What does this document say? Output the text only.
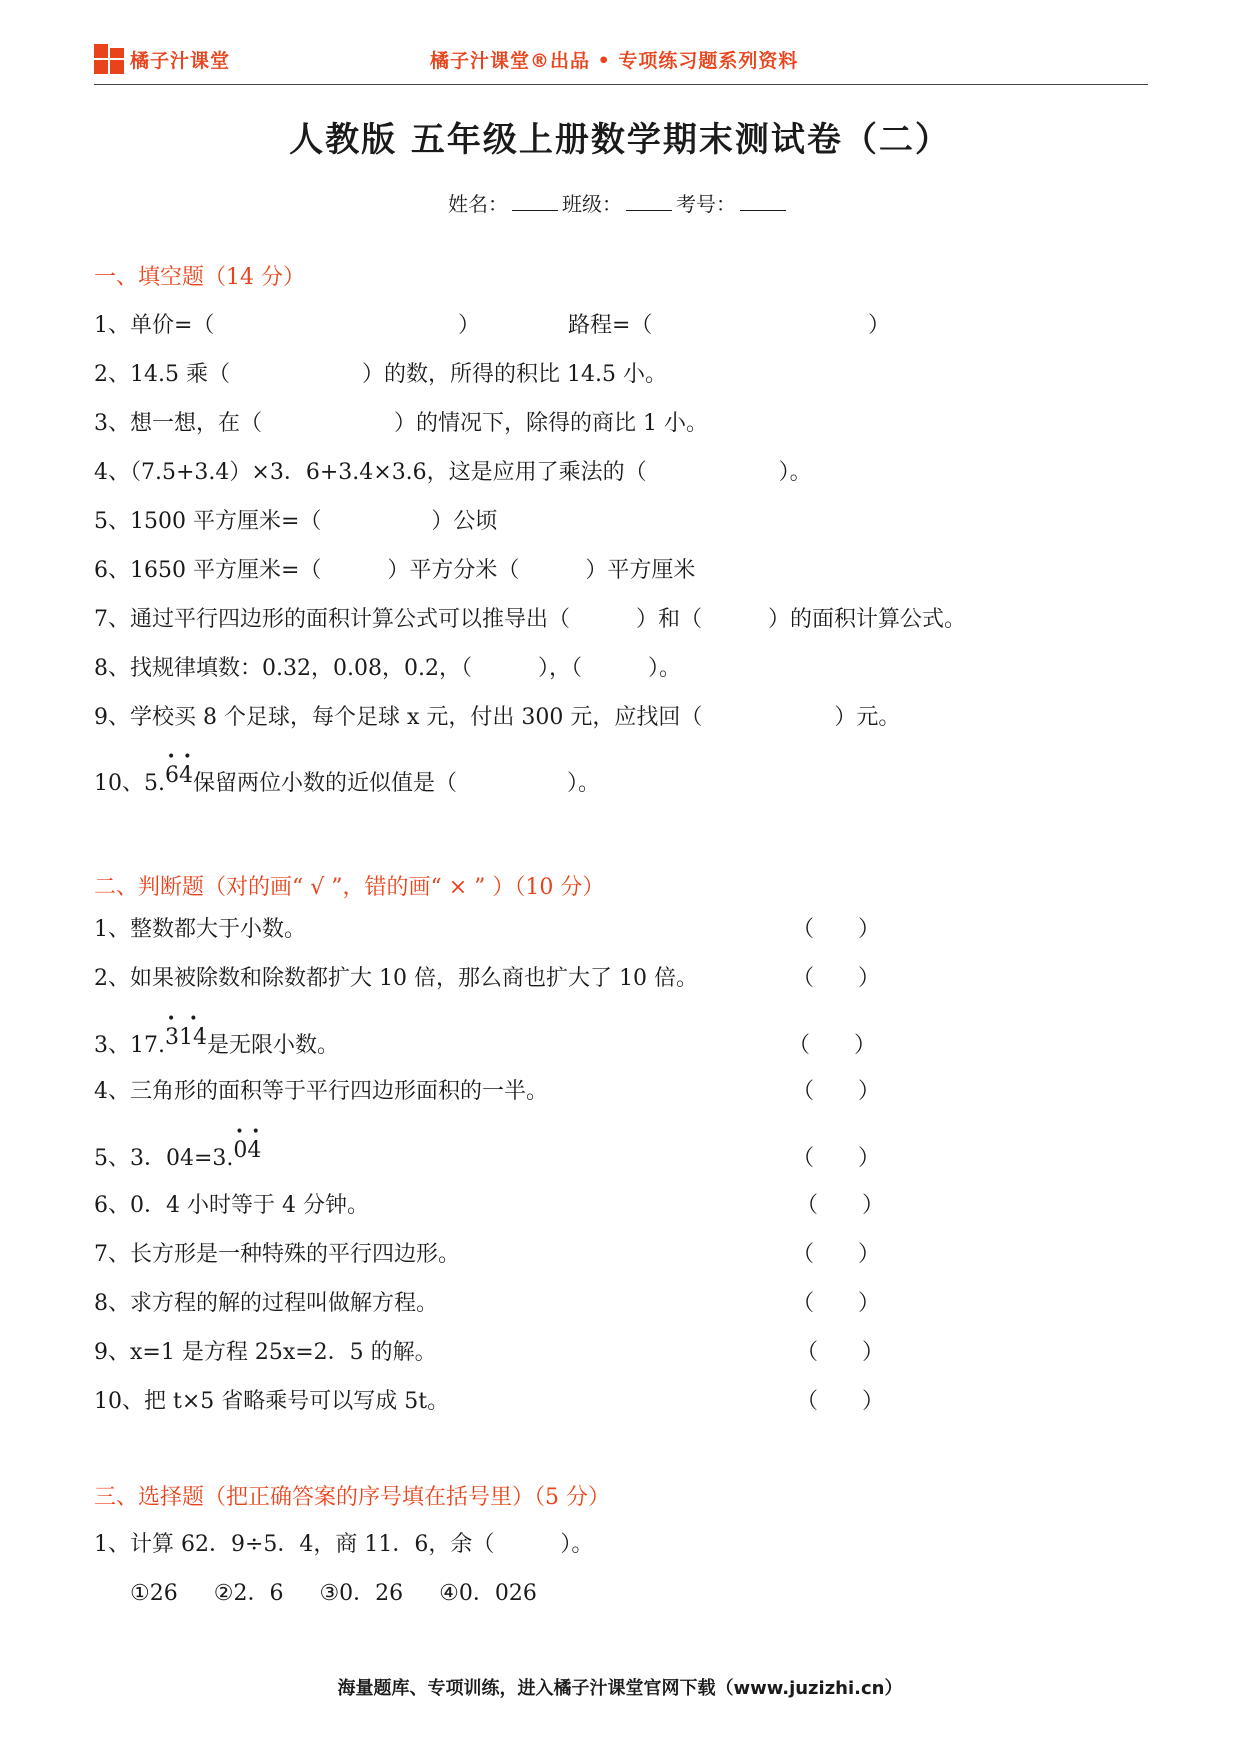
橘子汁课堂	橘子汁课堂®出品 • 专项练习题系列资料
人教版 五年级上册数学期末测试卷（二）
姓名：	班级：	考号：
一、填空题（14 分）
1、单价=（	）	路程=（	）
2、14.5 乘（　　　　　　）的数，所得的积比 14.5 小。
3、想一想，在（　　　　　　）的情况下，除得的商比 1 小。
4、（7.5+3.4）×3．6+3.4×3.6，这是应用了乘法的（　　　　　　）。
5、1500 平方厘米=（　　　　　）公顷
6、1650 平方厘米=（　　　）平方分米（　　　）平方厘米
7、通过平行四边形的面积计算公式可以推导出（　　　）和（　　　）的面积计算公式。
8、找规律填数：0.32，0.08，0.2，（　　　），（　　　）。
9、学校买 8 个足球，每个足球 x 元，付出 300 元，应找回（　　　　　　）元。
10、5.
••
64保留两位小数的近似值是（　　　　　）。
二、判断题（对的画“ √ ”，错的画“ × ” ）（10 分）
1、整数都大于小数。	（　　）
2、如果被除数和除数都扩大 10 倍，那么商也扩大了 10 倍。	（　　）
3、17.
••
314是无限小数。	（　　）
4、三角形的面积等于平行四边形面积的一半。	（　　）
5、3．04=3.
••
04	（　　）
6、0．4 小时等于 4 分钟。	（　　）
7、长方形是一种特殊的平行四边形。	（　　）
8、求方程的解的过程叫做解方程。	（　　）
9、x=1 是方程 25x=2．5 的解。	（　　）
10、把 t×5 省略乘号可以写成 5t。	（　　）
三、选择题（把正确答案的序号填在括号里）（5 分）
1、计算 62．9÷5．4，商 11．6，余（　　　）。
①26 ②2．6 ③0．26 ④0．026
海量题库、专项训练，进入橘子汁课堂官网下载（www.juzizhi.cn）
